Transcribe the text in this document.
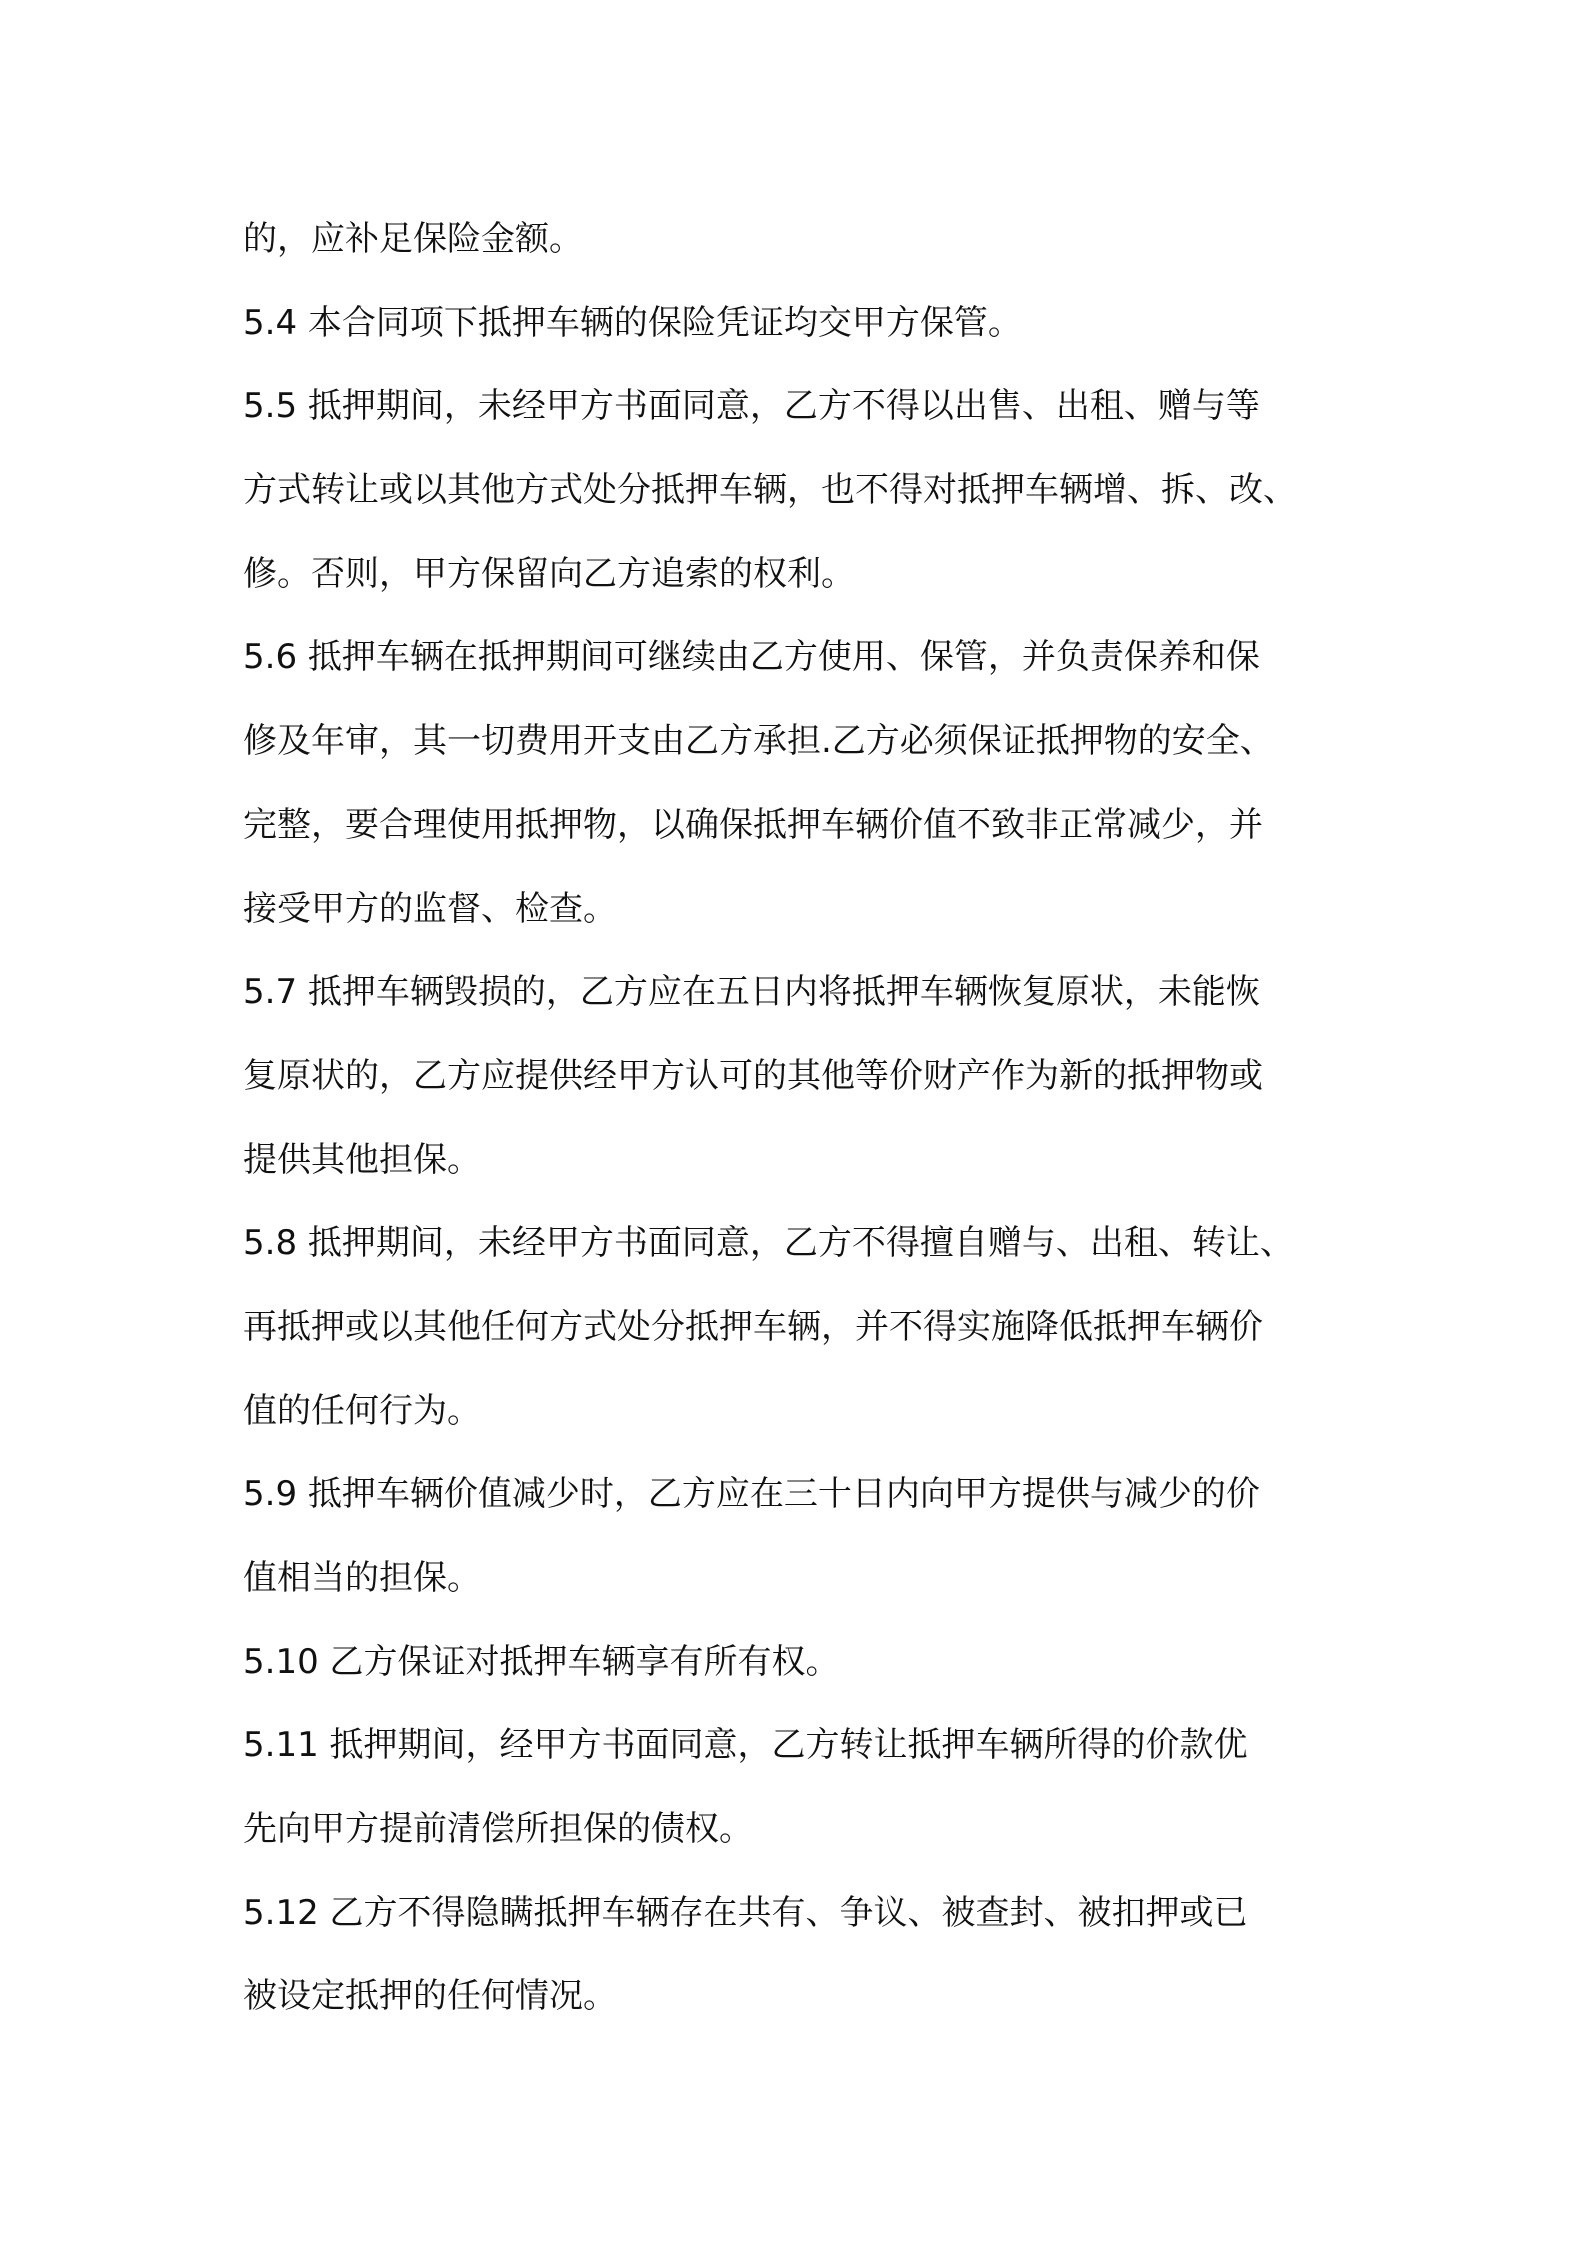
的，应补足保险金额。
5.4 本合同项下抵押车辆的保险凭证均交甲方保管。
5.5 抵押期间，未经甲方书面同意，乙方不得以出售、出租、赠与等
方式转让或以其他方式处分抵押车辆，也不得对抵押车辆增、拆、改、
修。否则，甲方保留向乙方追索的权利。
5.6 抵押车辆在抵押期间可继续由乙方使用、保管，并负责保养和保
修及年审，其一切费用开支由乙方承担.乙方必须保证抵押物的安全、
完整，要合理使用抵押物，以确保抵押车辆价值不致非正常减少，并
接受甲方的监督、检查。
5.7 抵押车辆毁损的，乙方应在五日内将抵押车辆恢复原状，未能恢
复原状的，乙方应提供经甲方认可的其他等价财产作为新的抵押物或
提供其他担保。
5.8 抵押期间，未经甲方书面同意，乙方不得擅自赠与、出租、转让、
再抵押或以其他任何方式处分抵押车辆，并不得实施降低抵押车辆价
值的任何行为。
5.9 抵押车辆价值减少时，乙方应在三十日内向甲方提供与减少的价
值相当的担保。
5.10 乙方保证对抵押车辆享有所有权。
5.11 抵押期间，经甲方书面同意，乙方转让抵押车辆所得的价款优
先向甲方提前清偿所担保的债权。
5.12 乙方不得隐瞒抵押车辆存在共有、争议、被查封、被扣押或已
被设定抵押的任何情况。
